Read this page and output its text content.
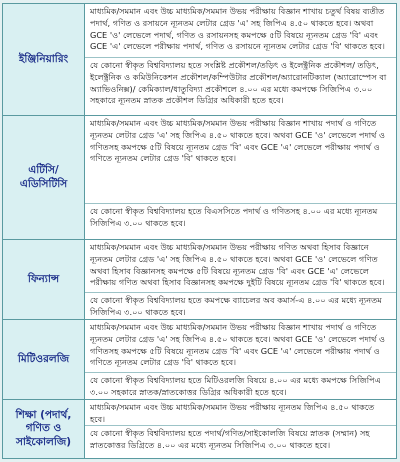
ইঞ্জিনিয়ারিং
মাধ্যমিক/সমমান এবং উচ্চ মাধ্যমিক/সমমান উভয় পরীক্ষায় বিজ্ঞান শাখায় চতুর্থ বিষয় ব্যতীত পদার্থ, গণিত ও রসায়নে ন্যূনতম লেটার গ্রেড 'এ' সহ জিপিএ ৪.৫০ থাকতে হবে। অথবা GCE 'ও' লেভেলে পদার্থ, গণিত ও রসায়নসহ কমপক্ষে ৫টি বিষয়ে ন্যূনতম গ্রেড 'বি' এবং GCE 'এ' লেভেলে পরীক্ষায় পদার্থ, গণিত ও রসায়নে ন্যূনতম লেটার গ্রেড 'বি' থাকতে হবে।
যে কোনো স্বীকৃত বিশ্ববিদ্যালয় হতে সংশ্লিষ্ট প্রকৌশল/তড়িৎ ও ইলেক্ট্রনিক প্রকৌশল/ তড়িৎ, ইলেক্ট্রনিক ও কমিউনিকেশন প্রকৌশল/কম্পিউটার প্রকৌশল/অ্যারোনটিক্যাল (অ্যারোস্পেস বা অ্যাভিওনিক্স)/ কেমিক্যাল/ধাতুবিদ্যা প্রকৌশলে ৪.০০ এর মধ্যে কমপক্ষে সিজিপিএ ৩.০০ সহকারে ন্যূনতম স্নাতক প্রকৌশল ডিগ্রির অধিকারী হতে হবে।
এটিসি/ এডিসিটিসি
মাধ্যমিক/সমমান এবং উচ্চ মাধ্যমিক/সমমান উভয় পরীক্ষায় বিজ্ঞান শাখায় পদার্থ ও গণিতে ন্যূনতম লেটার গ্রেড 'এ' সহ জিপিএ ৪.৫০ থাকতে হবে। অথবা GCE 'ও' লেভেলে পদার্থ ও গণিতসহ কমপক্ষে ৫টি বিষয়ে ন্যূনতম গ্রেড 'বি' এবং GCE 'এ' লেভেলে পরীক্ষায় পদার্থ ও গণিতে ন্যূনতম লেটার গ্রেড 'বি' থাকতে হবে।
যে কোনো স্বীকৃত বিশ্ববিদ্যালয় হতে বিএসসিতে পদার্থ ও গণিতসহ ৪.০০ এর মধ্যে ন্যূনতম সিজিপিএ ৩.০০ থাকতে হবে।
ফিন্যান্স
মাধ্যমিক/সমমান এবং উচ্চ মাধ্যমিক/সমমান উভয় পরীক্ষায় গণিত অথবা হিসাব বিজ্ঞানে ন্যূনতম লেটার গ্রেড 'এ' সহ জিপিএ ৪.৫০ থাকতে হবে। অথবা GCE 'ও' লেভেলে গণিত অথবা হিসাব বিজ্ঞানসহ কমপক্ষে ৫টি বিষয়ে ন্যূনতম গ্রেড 'বি' এবং GCE 'এ' লেভেলে পরীক্ষায় গণিত অথবা হিসাব বিজ্ঞানসহ কমপক্ষে দুইটি বিষয়ে ন্যূনতম গ্রেড 'বি' থাকতে হবে।
যে কোনো স্বীকৃত বিশ্ববিদ্যালয় হতে কমপক্ষে ব্যাচেলর অব কমার্স-এ ৪.০০ এর মধ্যে ন্যূনতম সিজিপিএ ৩.০০ থাকতে হবে।
মিটিওরলজি
মাধ্যমিক/সমমান এবং উচ্চ মাধ্যমিক/সমমান উভয় পরীক্ষায় বিজ্ঞান শাখায় পদার্থ ও গণিতে ন্যূনতম লেটার গ্রেড 'এ' সহ জিপিএ ৪.৫০ থাকতে হবে। অথবা GCE 'ও' লেভেলে পদার্থ ও গণিতসহ কমপক্ষে ৫টি বিষয়ে ন্যূনতম গ্রেড 'বি' এবং GCE 'এ' লেভেলে পরীক্ষায় পদার্থ ও গণিতে ন্যূনতম লেটার গ্রেড 'বি' থাকতে হবে।
যে কোনো স্বীকৃত বিশ্ববিদ্যালয় হতে মিটিওরলজি বিষয়ে ৪.০০ এর মধ্যে কমপক্ষে সিজিপিএ ৩.০০ সহকারে স্নাতক/স্নাতকোত্তর ডিগ্রির অধিকারী হতে হবে।
শিক্ষা (পদার্থ, গণিত ও সাইকোলজি)
মাধ্যমিক/সমমান এবং উচ্চ মাধ্যমিক/সমমান উভয় পরীক্ষায় ন্যূনতম জিপিএ ৪.৫০ থাকতে হবে।
যে কোনো স্বীকৃত বিশ্ববিদ্যালয় হতে পদার্থ/গণিত/সাইকোলজি বিষয়ে স্নাতক (সম্মান) সহ স্নাতকোত্তর ডিগ্রিতে ৪.০০ এর মধ্যে ন্যূনতম সিজিপিএ ৩.০০ থাকতে হবে।
